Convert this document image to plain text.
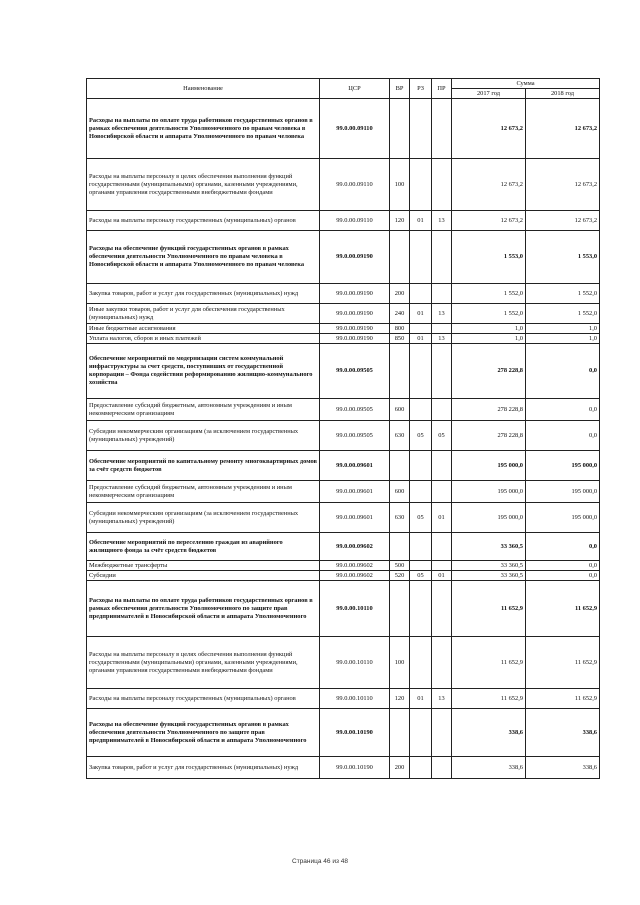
Наименование	ЦСР	ВР	РЗ	ПР	Сумма	
					2017 год	2018 год
Расходы на выплаты по оплате труда работников государственных органов в рамках обеспечения деятельности Уполномоченного по правам человека в Новосибирской области и аппарата Уполномоченного по правам человека	99.0.00.09110				12 673,2	12 673,2
Расходы на выплаты персоналу в целях обеспечения выполнения функций государственными (муниципальными) органами, казенными учреждениями, органами управления государственными внебюджетными фондами	99.0.00.09110	100			12 673,2	12 673,2
Расходы на выплаты персоналу государственных (муниципальных) органов	99.0.00.09110	120	01	13	12 673,2	12 673,2
Расходы на обеспечение функций государственных органов в рамках обеспечения деятельности Уполномоченного по правам человека в Новосибирской области и аппарата Уполномоченного по правам человека	99.0.00.09190				1 553,0	1 553,0
Закупка товаров, работ и услуг для государственных (муниципальных) нужд	99.0.00.09190	200			1 552,0	1 552,0
Иные закупки товаров, работ и услуг для обеспечения государственных (муниципальных) нужд	99.0.00.09190	240	01	13	1 552,0	1 552,0
Иные бюджетные ассигнования	99.0.00.09190	800			1,0	1,0
Уплата налогов, сборов и иных платежей	99.0.00.09190	850	01	13	1,0	1,0
Обеспечение мероприятий по модернизации систем коммунальной инфраструктуры за счет средств, поступивших от государственной корпорации – Фонда содействия реформированию жилищно-коммунального хозяйства	99.0.00.09505				278 228,8	0,0
Предоставление субсидий бюджетным, автономным учреждениям и иным некоммерческим организациям	99.0.00.09505	600			278 228,8	0,0
Субсидии некоммерческим организациям (за исключением государственных (муниципальных) учреждений)	99.0.00.09505	630	05	05	278 228,8	0,0
Обеспечение мероприятий по капитальному ремонту многоквартирных домов за счёт средств бюджетов	99.0.00.09601				195 000,0	195 000,0
Предоставление субсидий бюджетным, автономным учреждениям и иным некоммерческим организациям	99.0.00.09601	600			195 000,0	195 000,0
Субсидии некоммерческим организациям (за исключением государственных (муниципальных) учреждений)	99.0.00.09601	630	05	01	195 000,0	195 000,0
Обеспечение мероприятий по переселению граждан из аварийного жилищного фонда за счёт средств бюджетов	99.0.00.09602				33 360,5	0,0
Межбюджетные трансферты	99.0.00.09602	500			33 360,5	0,0
Субсидии	99.0.00.09602	520	05	01	33 360,5	0,0
Расходы на выплаты по оплате труда работников государственных органов в рамках обеспечения деятельности Уполномоченного по защите прав предпринимателей в Новосибирской области и аппарата Уполномоченного	99.0.00.10110				11 652,9	11 652,9
Расходы на выплаты персоналу в целях обеспечения выполнения функций государственными (муниципальными) органами, казенными учреждениями, органами управления государственными внебюджетными фондами	99.0.00.10110	100			11 652,9	11 652,9
Расходы на выплаты персоналу государственных (муниципальных) органов	99.0.00.10110	120	01	13	11 652,9	11 652,9
Расходы на обеспечение функций государственных органов в рамках обеспечения деятельности Уполномоченного по защите прав предпринимателей в Новосибирской области и аппарата Уполномоченного	99.0.00.10190				338,6	338,6
Закупка товаров, работ и услуг для государственных (муниципальных) нужд	99.0.00.10190	200			338,6	338,6
Страница 46 из 48
